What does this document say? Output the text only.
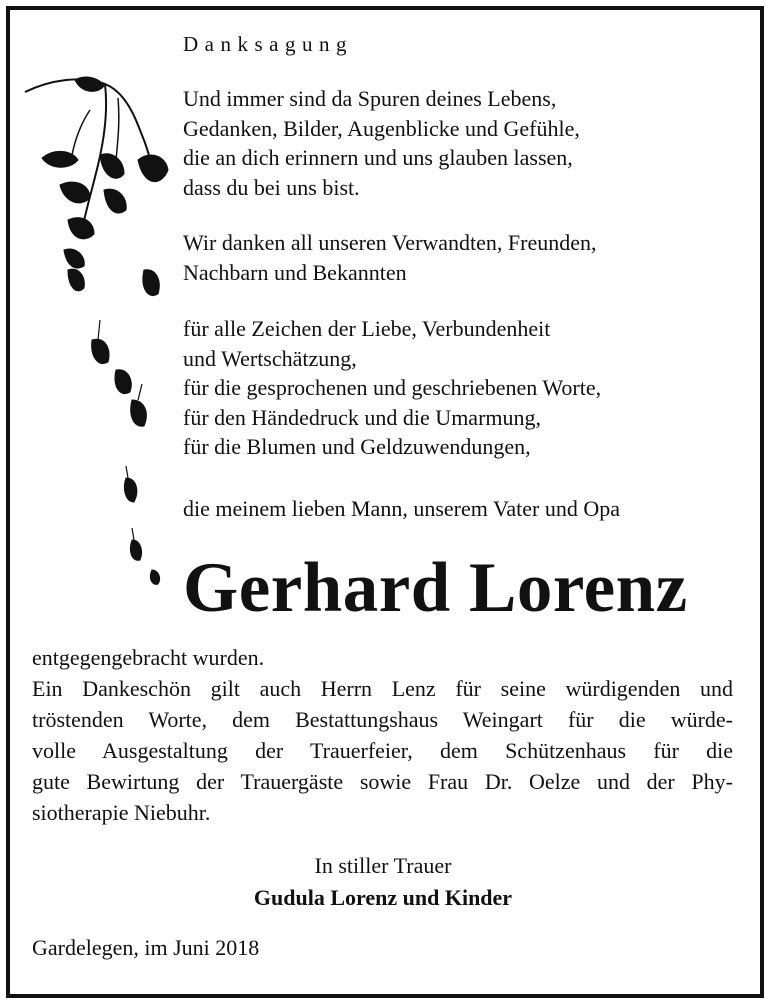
Danksagung
Und immer sind da Spuren deines Lebens,
Gedanken, Bilder, Augenblicke und Gefühle,
die an dich erinnern und uns glauben lassen,
dass du bei uns bist.
Wir danken all unseren Verwandten, Freunden,
Nachbarn und Bekannten
für alle Zeichen der Liebe, Verbundenheit
und Wertschätzung,
für die gesprochenen und geschriebenen Worte,
für den Händedruck und die Umarmung,
für die Blumen und Geldzuwendungen,
die meinem lieben Mann, unserem Vater und Opa
Gerhard Lorenz
entgegengebracht wurden.
Ein Dankeschön gilt auch Herrn Lenz für seine würdigenden und
tröstenden Worte, dem Bestattungshaus Weingart für die würde-
volle Ausgestaltung der Trauerfeier, dem Schützenhaus für die
gute Bewirtung der Trauergäste sowie Frau Dr. Oelze und der Phy-
siotherapie Niebuhr.
In stiller Trauer
Gudula Lorenz und Kinder
Gardelegen, im Juni 2018
